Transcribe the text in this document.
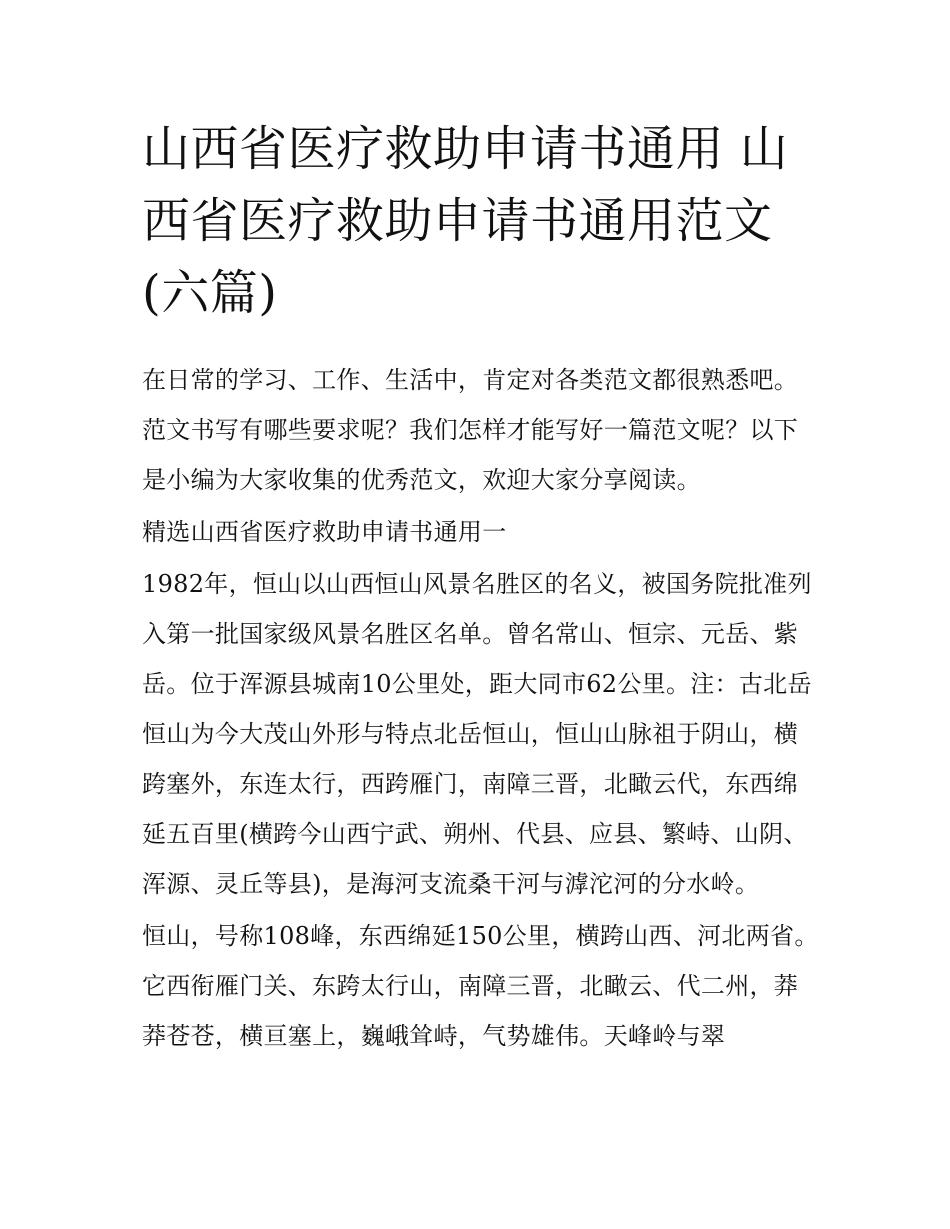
山西省医疗救助申请书通用 山西省医疗救助申请书通用范文(六篇)

在日常的学习、工作、生活中，肯定对各类范文都很熟悉吧。范文书写有哪些要求呢？我们怎样才能写好一篇范文呢？以下是小编为大家收集的优秀范文，欢迎大家分享阅读。

精选山西省医疗救助申请书通用一

1982年，恒山以山西恒山风景名胜区的名义，被国务院批准列入第一批国家级风景名胜区名单。曾名常山、恒宗、元岳、紫岳。位于浑源县城南10公里处，距大同市62公里。注：古北岳恒山为今大茂山外形与特点北岳恒山，恒山山脉祖于阴山，横跨塞外，东连太行，西跨雁门，南障三晋，北瞰云代，东西绵延五百里(横跨今山西宁武、朔州、代县、应县、繁峙、山阴、浑源、灵丘等县)，是海河支流桑干河与滹沱河的分水岭。

恒山，号称108峰，东西绵延150公里，横跨山西、河北两省。它西衔雁门关、东跨太行山，南障三晋，北瞰云、代二州，莽莽苍苍，横亘塞上，巍峨耸峙，气势雄伟。天峰岭与翠
